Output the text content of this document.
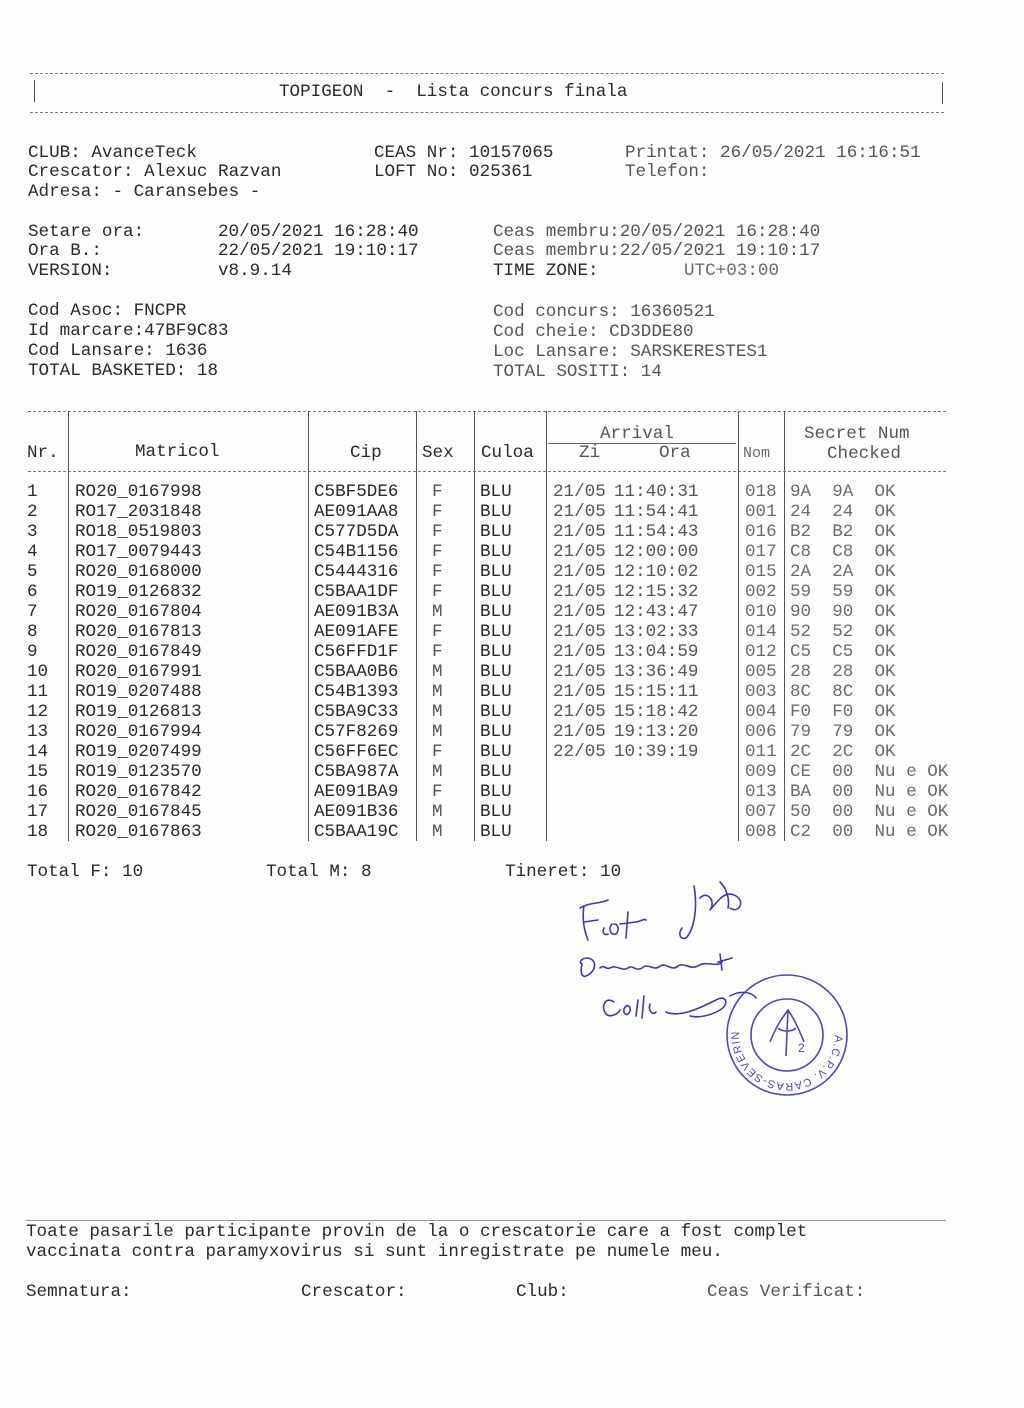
TOPIGEON  -  Lista concurs finala
CLUB: AvanceTeck
Crescator: Alexuc Razvan
Adresa: - Caransebes -
CEAS Nr: 10157065
LOFT No: 025361
Printat: 26/05/2021 16:16:51
Telefon:
Setare ora:	20/05/2021 16:28:40
Ora B.:	22/05/2021 19:10:17
VERSION:	v8.9.14
Ceas membru:20/05/2021 16:28:40
Ceas membru:22/05/2021 19:10:17
TIME ZONE:	UTC+03:00
Cod Asoc: FNCPR
Id marcare:47BF9C83
Cod Lansare: 1636
TOTAL BASKETED: 18
Cod concurs: 16360521
Cod cheie: CD3DDE80
Loc Lansare: SARSKERESTES1
TOTAL SOSITI: 14
Nr.	Matricol	Cip Sex Culoa
Arrival
Zi	Ora	Nom
Secret Num
Checked
1 RO20_0167998	C5BF5DE6 F BLU 21/05 11:40:31	018 9A  9A  OK
2 RO17_2031848	AE091AA8 F BLU 21/05 11:54:41	001 24  24  OK
3 RO18_0519803	C577D5DA F BLU 21/05 11:54:43	016 B2  B2  OK
4 RO17_0079443	C54B1156 F BLU 21/05 12:00:00	017 C8  C8  OK
5 RO20_0168000	C5444316 F BLU 21/05 12:10:02	015 2A  2A  OK
6 RO19_0126832	C5BAA1DF F BLU 21/05 12:15:32	002 59  59  OK
7 RO20_0167804	AE091B3A M BLU 21/05 12:43:47	010 90  90  OK
8 RO20_0167813	AE091AFE F BLU 21/05 13:02:33	014 52  52  OK
9 RO20_0167849	C56FFD1F F BLU 21/05 13:04:59	012 C5  C5  OK
10 RO20_0167991	C5BAA0B6 M BLU 21/05 13:36:49	005 28  28  OK
11 RO19_0207488	C54B1393 M BLU 21/05 15:15:11	003 8C  8C  OK
12 RO19_0126813	C5BA9C33 M BLU 21/05 15:18:42	004 F0  F0  OK
13 RO20_0167994	C57F8269 M BLU 21/05 19:13:20	006 79  79  OK
14 RO19_0207499	C56FF6EC F BLU 22/05 10:39:19	011 2C  2C  OK
15 RO19_0123570	C5BA987A M BLU	009 CE  00  Nu e OK
16 RO20_0167842	AE091BA9 F BLU	013 BA  00  Nu e OK
17 RO20_0167845	AE091B36 M BLU	007 50  00  Nu e OK
18 RO20_0167863	C5BAA19C M BLU	008 C2  00  Nu e OK
Total F: 10	Total M: 8	Tineret: 10
A.C.P.V. CARAS-SEVERIN
2
Toate pasarile participante provin de la o crescatorie care a fost complet
vaccinata contra paramyxovirus si sunt inregistrate pe numele meu.
Semnatura:	Crescator:	Club:	Ceas Verificat:
